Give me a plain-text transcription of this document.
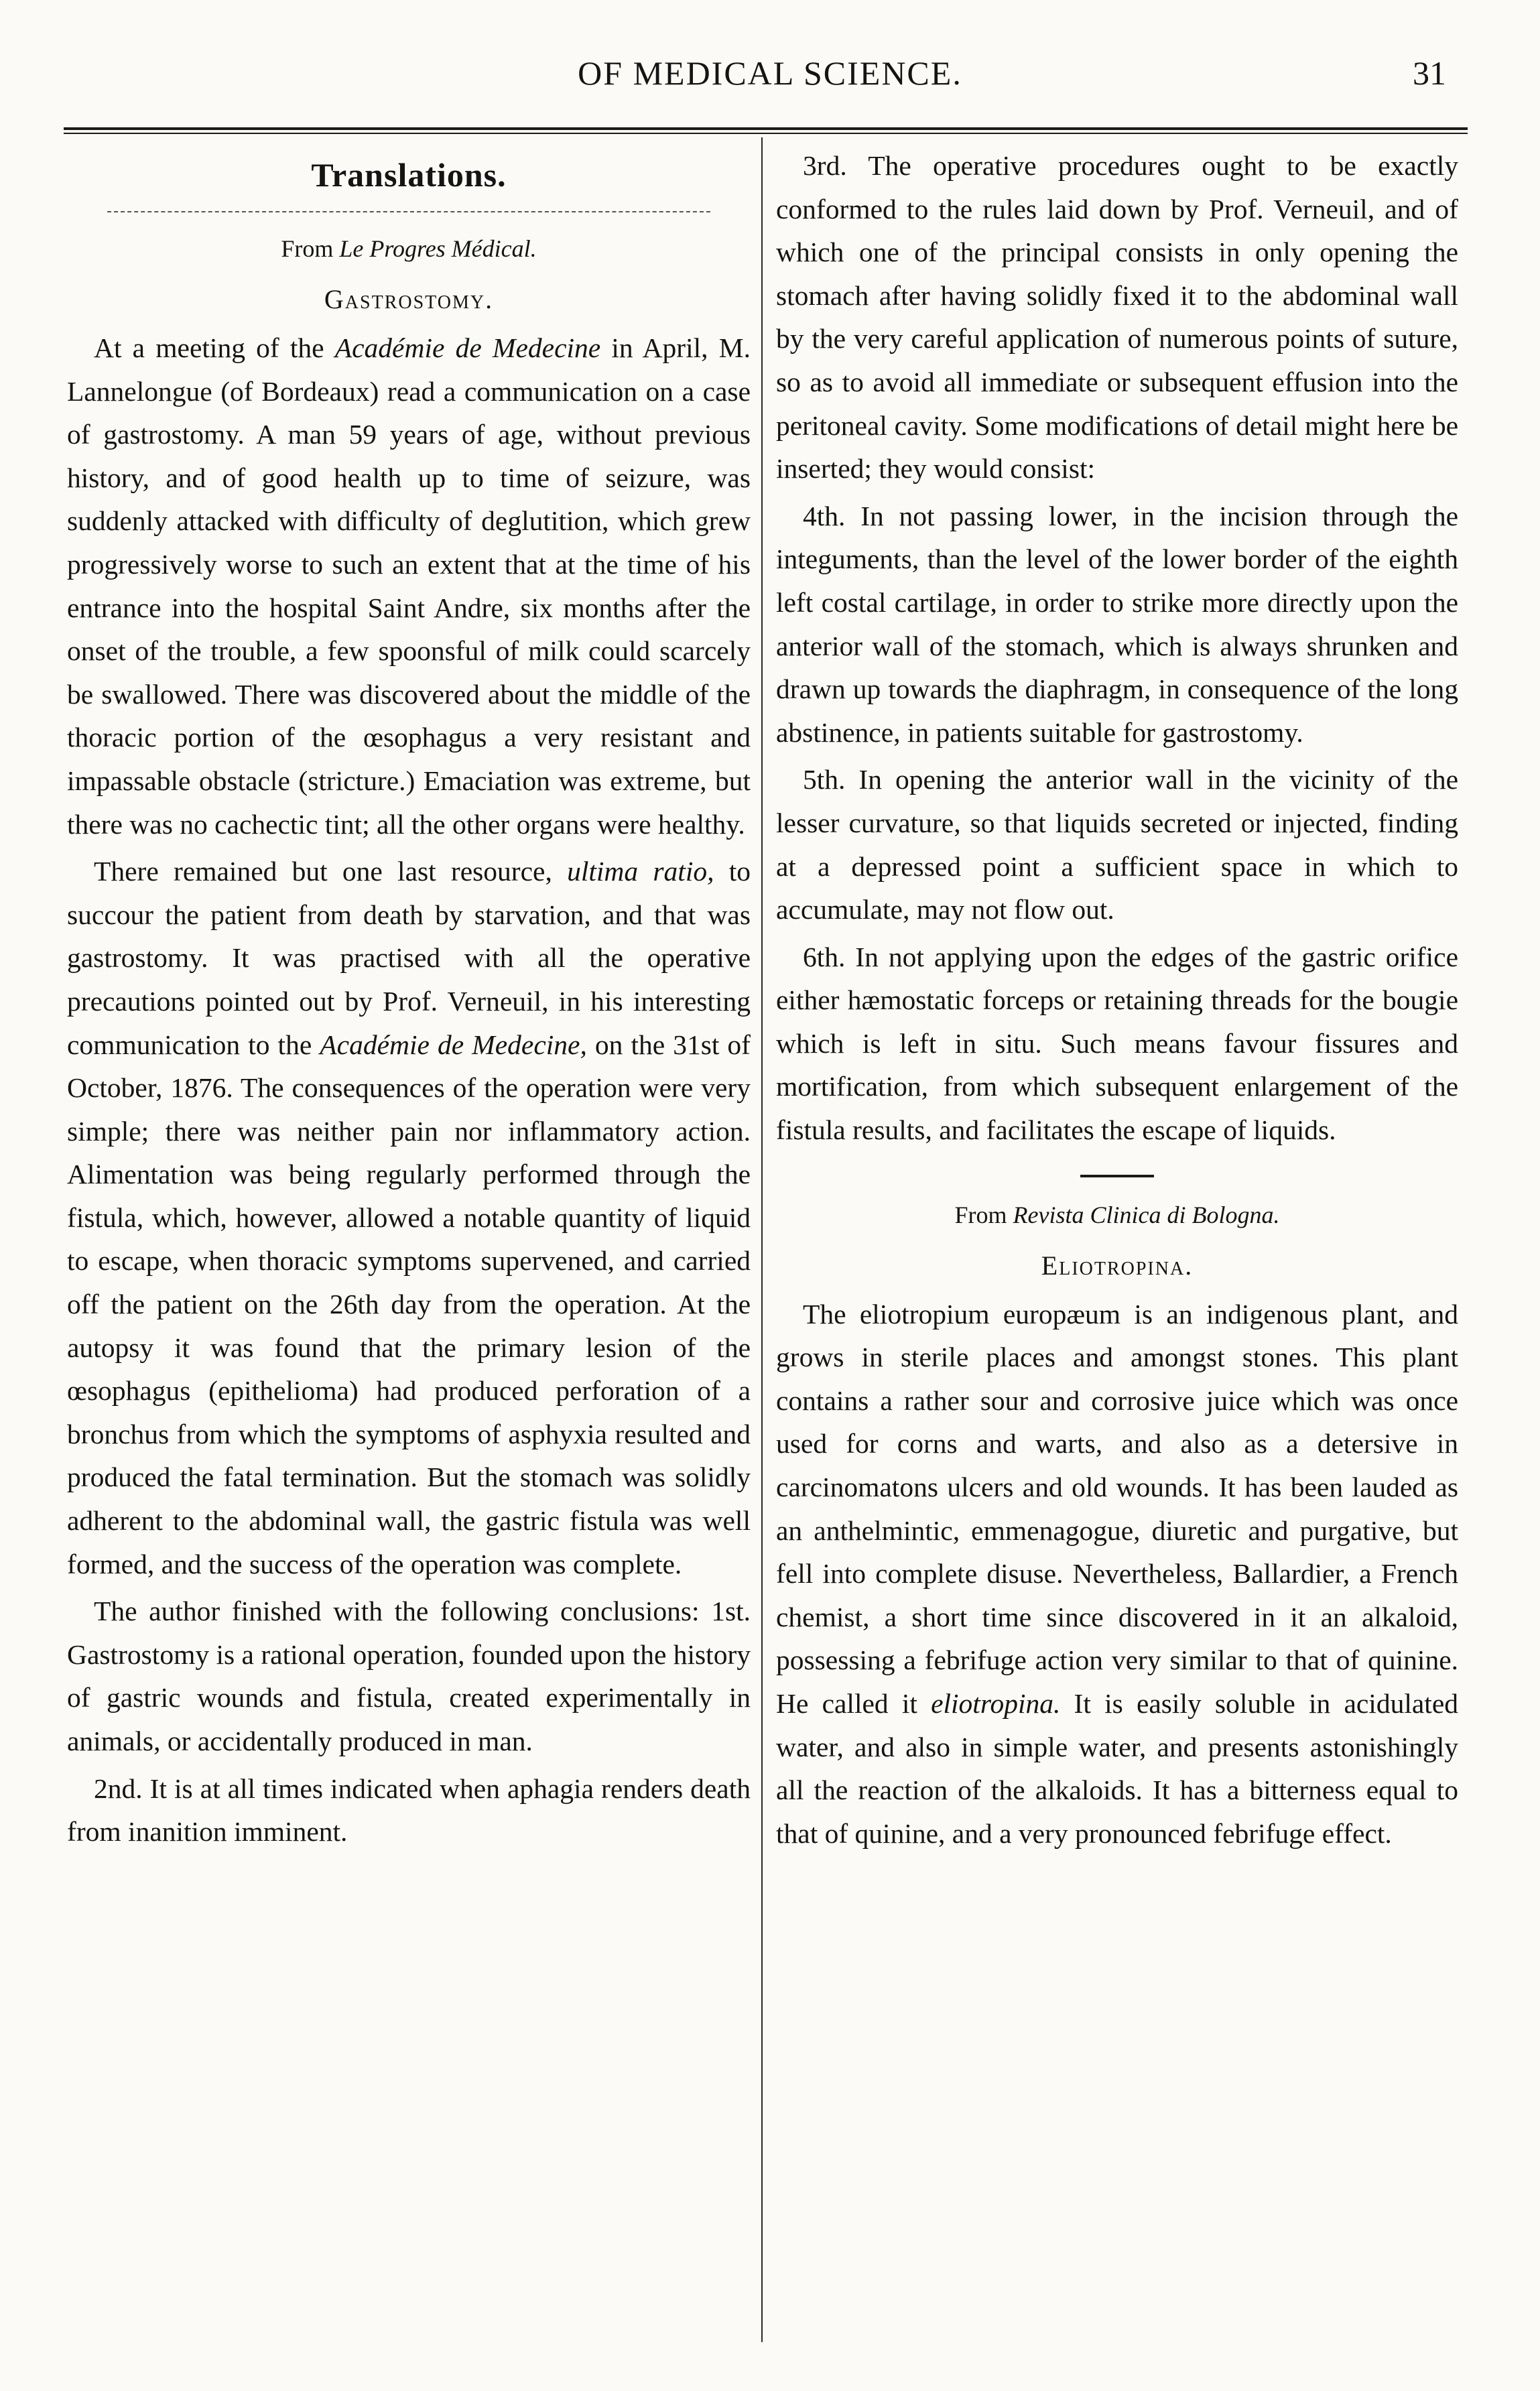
OF MEDICAL SCIENCE.	31
Translations.
From Le Progres Médical.
Gastrostomy.

At a meeting of the Académie de Medecine in April, M. Lannelongue (of Bordeaux) read a communication on a case of gastrostomy. A man 59 years of age, without previous history, and of good health up to time of seizure, was suddenly attacked with difficulty of deglutition, which grew progressively worse to such an extent that at the time of his entrance into the hospital Saint Andre, six months after the onset of the trouble, a few spoonsful of milk could scarcely be swallowed. There was discovered about the middle of the thoracic portion of the œsophagus a very resistant and impassable obstacle (stricture.) Emaciation was extreme, but there was no cachectic tint; all the other organs were healthy.

There remained but one last resource, ultima ratio, to succour the patient from death by starvation, and that was gastrostomy. It was practised with all the operative precautions pointed out by Prof. Verneuil, in his interesting communication to the Académie de Medecine, on the 31st of October, 1876. The consequences of the operation were very simple; there was neither pain nor inflammatory action. Alimentation was being regularly performed through the fistula, which, however, allowed a notable quantity of liquid to escape, when thoracic symptoms supervened, and carried off the patient on the 26th day from the operation. At the autopsy it was found that the primary lesion of the œsophagus (epithelioma) had produced perforation of a bronchus from which the symptoms of asphyxia resulted and produced the fatal termination. But the stomach was solidly adherent to the abdominal wall, the gastric fistula was well formed, and the success of the operation was complete.

The author finished with the following conclusions: 1st. Gastrostomy is a rational operation, founded upon the history of gastric wounds and fistula, created experimentally in animals, or accidentally produced in man.

2nd. It is at all times indicated when aphagia renders death from inanition imminent.

3rd. The operative procedures ought to be exactly conformed to the rules laid down by Prof. Verneuil, and of which one of the principal consists in only opening the stomach after having solidly fixed it to the abdominal wall by the very careful application of numerous points of suture, so as to avoid all immediate or subsequent effusion into the peritoneal cavity. Some modifications of detail might here be inserted; they would consist:

4th. In not passing lower, in the incision through the integuments, than the level of the lower border of the eighth left costal cartilage, in order to strike more directly upon the anterior wall of the stomach, which is always shrunken and drawn up towards the diaphragm, in consequence of the long abstinence, in patients suitable for gastrostomy.

5th. In opening the anterior wall in the vicinity of the lesser curvature, so that liquids secreted or injected, finding at a depressed point a sufficient space in which to accumulate, may not flow out.

6th. In not applying upon the edges of the gastric orifice either hæmostatic forceps or retaining threads for the bougie which is left in situ. Such means favour fissures and mortification, from which subsequent enlargement of the fistula results, and facilitates the escape of liquids.

From Revista Clinica di Bologna.
Eliotropina.

The eliotropium europæum is an indigenous plant, and grows in sterile places and amongst stones. This plant contains a rather sour and corrosive juice which was once used for corns and warts, and also as a detersive in carcinomatons ulcers and old wounds. It has been lauded as an anthelmintic, emmenagogue, diuretic and purgative, but fell into complete disuse. Nevertheless, Ballardier, a French chemist, a short time since discovered in it an alkaloid, possessing a febrifuge action very similar to that of quinine. He called it eliotropina. It is easily soluble in acidulated water, and also in simple water, and presents astonishingly all the reaction of the alkaloids. It has a bitterness equal to that of quinine, and a very pronounced febrifuge effect.
